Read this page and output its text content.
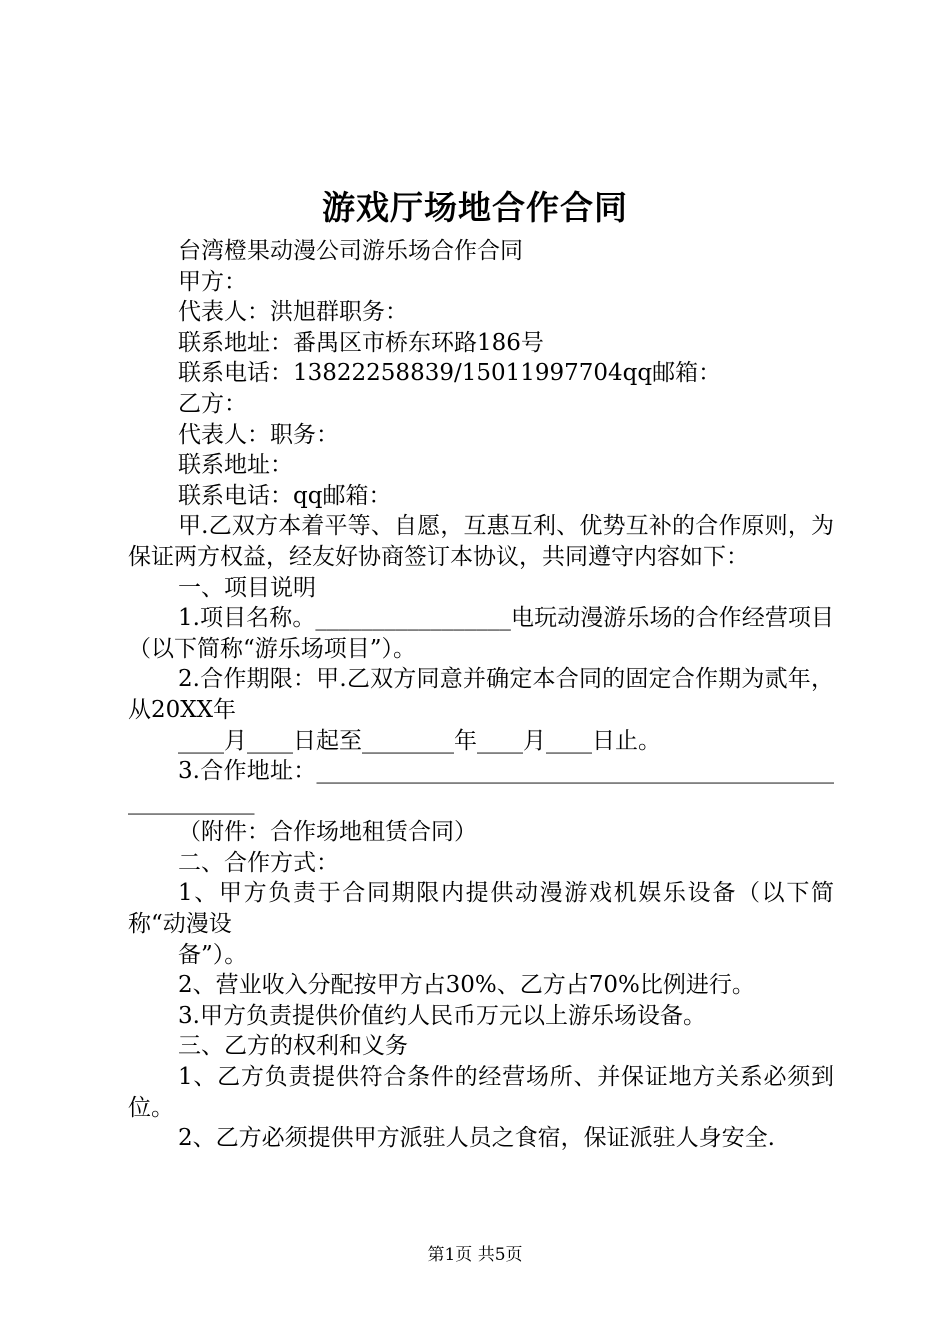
游戏厅场地合作合同

台湾橙果动漫公司游乐场合作合同

甲方：

代表人：洪旭群职务：

联系地址：番禺区市桥东环路186号

联系电话：13822258839/15011997704qq邮箱：

乙方：

代表人：职务：

联系地址：

联系电话：qq邮箱：

甲.乙双方本着平等、自愿，互惠互利、优势互补的合作原则，为保证两方权益，经友好协商签订本协议，共同遵守内容如下：

一、项目说明

1.项目名称。_________________电玩动漫游乐场的合作经营项目（以下简称“游乐场项目”）。

2.合作期限：甲.乙双方同意并确定本合同的固定合作期为贰年，从20XX年

____月____日起至________年____月____日止。

3.合作地址：________________________________________________________

（附件：合作场地租赁合同）

二、合作方式：

1、甲方负责于合同期限内提供动漫游戏机娱乐设备（以下简称“动漫设

备”）。

2、营业收入分配按甲方占30%、乙方占70%比例进行。

3.甲方负责提供价值约人民币万元以上游乐场设备。

三、乙方的权利和义务

1、乙方负责提供符合条件的经营场所、并保证地方关系必须到位。

2、乙方必须提供甲方派驻人员之食宿，保证派驻人身安全.

第1页 共5页
